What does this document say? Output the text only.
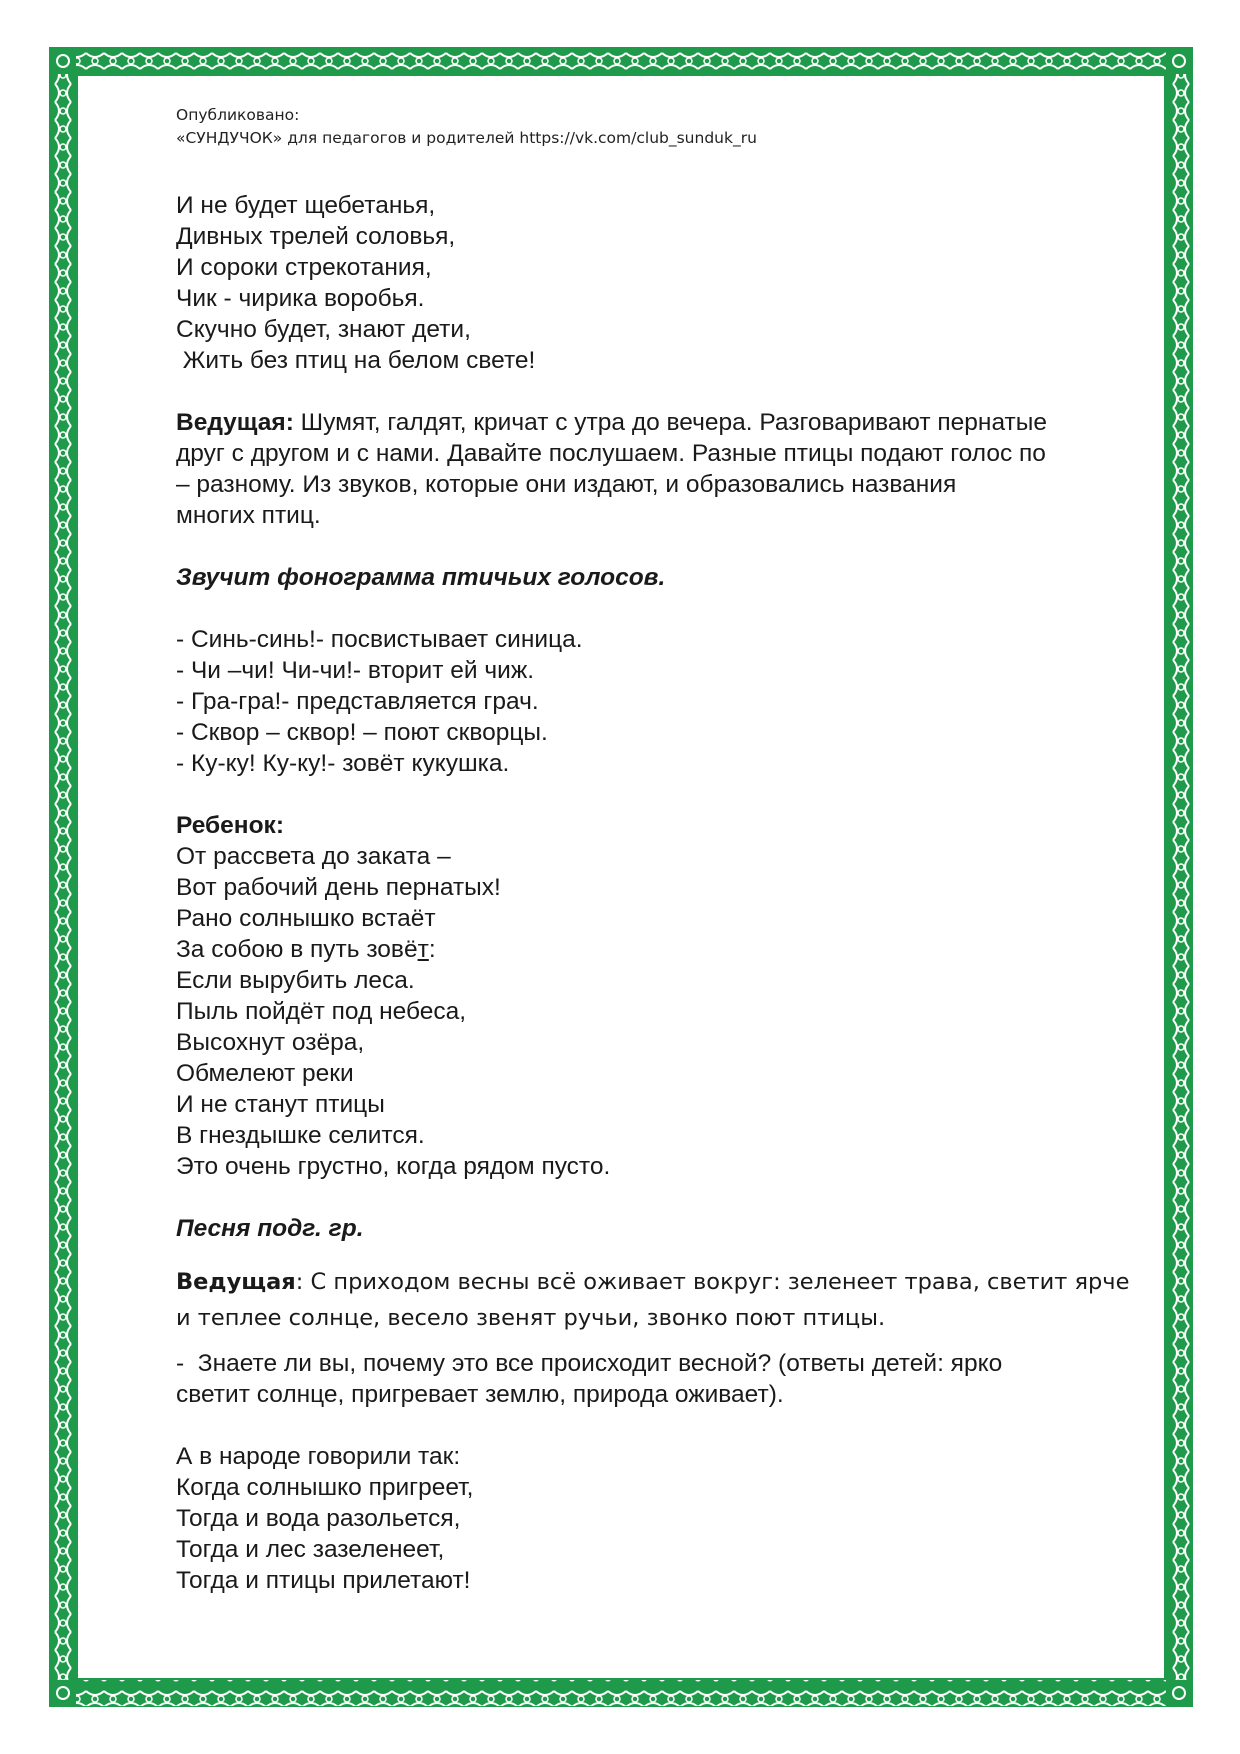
Опубликовано:
«СУНДУЧОК» для педагогов и родителей https://vk.com/club_sunduk_ru
И не будет щебетанья,
Дивных трелей соловья,
И сороки стрекотания,
Чик - чирика воробья.
Скучно будет, знают дети,
Жить без птиц на белом свете!
Ведущая: Шумят, галдят, кричат с утра до вечера. Разговаривают пернатые
друг с другом и с нами. Давайте послушаем. Разные птицы подают голос по
– разному. Из звуков, которые они издают, и образовались названия
многих птиц.
Звучит фонограмма птичьих голосов.
- Синь-синь!- посвистывает синица.
- Чи –чи! Чи-чи!- вторит ей чиж.
- Гра-гра!- представляется грач.
- Сквор – сквор! – поют скворцы.
- Ку-ку! Ку-ку!- зовёт кукушка.
Ребенок:
От рассвета до заката –
Вот рабочий день пернатых!
Рано солнышко встаёт
За собою в путь зовёт:
Если вырубить леса.
Пыль пойдёт под небеса,
Высохнут озёра,
Обмелеют реки
И не станут птицы
В гнездышке селится.
Это очень грустно, когда рядом пусто.
Песня подг. гр.
Ведущая: С приходом весны всё оживает вокруг: зеленеет трава, светит ярче
и теплее солнце, весело звенят ручьи, звонко поют птицы.
-  Знаете ли вы, почему это все происходит весной? (ответы детей: ярко
светит солнце, пригревает землю, природа оживает).
А в народе говорили так:
Когда солнышко пригреет,
Тогда и вода разольется,
Тогда и лес зазеленеет,
Тогда и птицы прилетают!
